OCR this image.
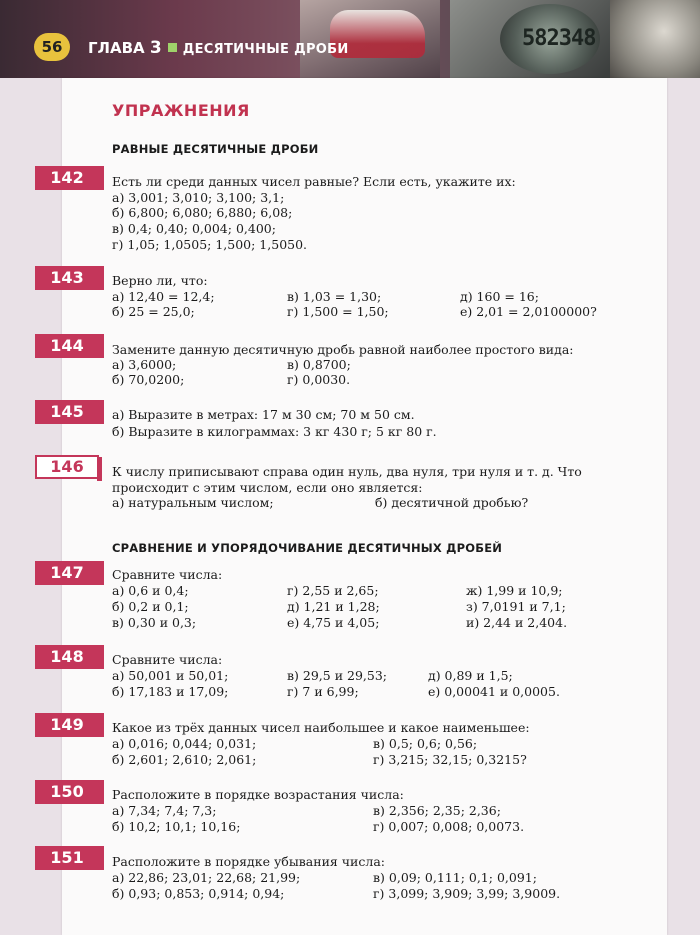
582348
56	ГЛАВА 3 ДЕСЯТИЧНЫЕ ДРОБИ
УПРАЖНЕНИЯ
РАВНЫЕ ДЕСЯТИЧНЫЕ ДРОБИ
142	Есть ли среди данных чисел равные? Если есть, укажите их:
а) 3,001; 3,010; 3,100; 3,1;
б) 6,800; 6,080; 6,880; 6,08;
в) 0,4; 0,40; 0,004; 0,400;
г) 1,05; 1,0505; 1,500; 1,5050.
143	Верно ли, что:
а) 12,40 = 12,4;
б) 25 = 25,0;
в) 1,03 = 1,30;
г) 1,500 = 1,50;
д) 160 = 16;
е) 2,01 = 2,0100000?
144	Замените данную десятичную дробь равной наиболее простого вида:
а) 3,6000;
б) 70,0200;
в) 0,8700;
г) 0,0030.
145	а) Выразите в метрах: 17 м 30 см; 70 м 50 см.
б) Выразите в килограммах: 3 кг 430 г; 5 кг 80 г.
146	К числу приписывают справа один нуль, два нуля, три нуля и т. д. Что
происходит с этим числом, если оно является:
а) натуральным числом;	б) десятичной дробью?
СРАВНЕНИЕ И УПОРЯДОЧИВАНИЕ ДЕСЯТИЧНЫХ ДРОБЕЙ
147	Сравните числа:
а) 0,6 и 0,4;
б) 0,2 и 0,1;
в) 0,30 и 0,3;
г) 2,55 и 2,65;
д) 1,21 и 1,28;
е) 4,75 и 4,05;
ж) 1,99 и 10,9;
з) 7,0191 и 7,1;
и) 2,44 и 2,404.
148	Сравните числа:
а) 50,001 и 50,01;
б) 17,183 и 17,09;
в) 29,5 и 29,53;
г) 7 и 6,99;
д) 0,89 и 1,5;
е) 0,00041 и 0,0005.
149	Какое из трёх данных чисел наибольшее и какое наименьшее:
а) 0,016; 0,044; 0,031;
б) 2,601; 2,610; 2,061;
в) 0,5; 0,6; 0,56;
г) 3,215; 32,15; 0,3215?
150	Расположите в порядке возрастания числа:
а) 7,34; 7,4; 7,3;
б) 10,2; 10,1; 10,16;
в) 2,356; 2,35; 2,36;
г) 0,007; 0,008; 0,0073.
151	Расположите в порядке убывания числа:
а) 22,86; 23,01; 22,68; 21,99;
б) 0,93; 0,853; 0,914; 0,94;
в) 0,09; 0,111; 0,1; 0,091;
г) 3,099; 3,909; 3,99; 3,9009.
